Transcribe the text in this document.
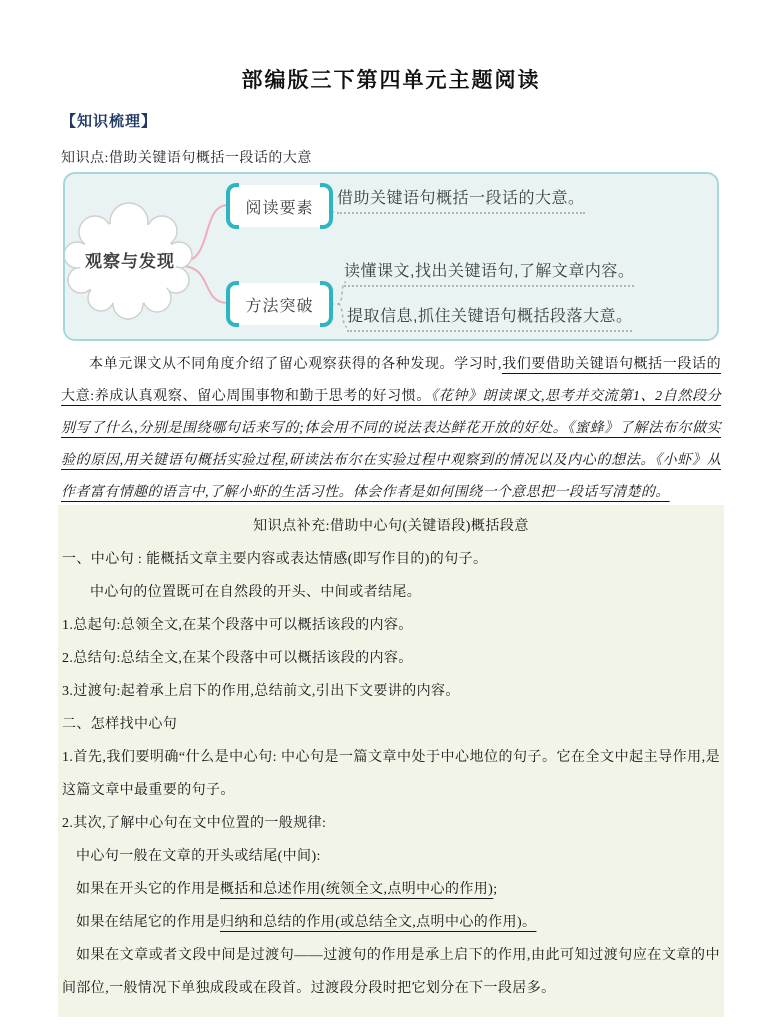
部编版三下第四单元主题阅读
【知识梳理】
知识点:借助关键语句概括一段话的大意
观察与发现
阅读要素
方法突破
借助关键语句概括一段话的大意。
读懂课文,找出关键语句,了解文章内容。
提取信息,抓住关键语句概括段落大意。
本单元课文从不同角度介绍了留心观察获得的各种发现。学习时,我们要借助关键语句概括一段话的大意:养成认真观察、留心周围事物和勤于思考的好习惯。《花钟》朗读课文,思考并交流第1、2自然段分别写了什么,分别是围绕哪句话来写的;体会用不同的说法表达鲜花开放的好处。《蜜蜂》了解法布尔做实验的原因,用关键语句概括实验过程,研读法布尔在实验过程中观察到的情况以及内心的想法。《小虾》从作者富有情趣的语言中,了解小虾的生活习性。体会作者是如何围绕一个意思把一段话写清楚的。
知识点补充:借助中心句(关键语段)概括段意
一、中心句 : 能概括文章主要内容或表达情感(即写作目的)的句子。
中心句的位置既可在自然段的开头、中间或者结尾。
1.总起句:总领全文,在某个段落中可以概括该段的内容。
2.总结句:总结全文,在某个段落中可以概括该段的内容。
3.过渡句:起着承上启下的作用,总结前文,引出下文要讲的内容。
二、怎样找中心句
1.首先,我们要明确“什么是中心句: 中心句是一篇文章中处于中心地位的句子。它在全文中起主导作用,是这篇文章中最重要的句子。
2.其次,了解中心句在文中位置的一般规律:
中心句一般在文章的开头或结尾(中间):
如果在开头它的作用是概括和总述作用(统领全文,点明中心的作用);
如果在结尾它的作用是归纳和总结的作用(或总结全文,点明中心的作用)。
如果在文章或者文段中间是过渡句——过渡句的作用是承上启下的作用,由此可知过渡句应在文章的中间部位,一般情况下单独成段或在段首。过渡段分段时把它划分在下一段居多。
